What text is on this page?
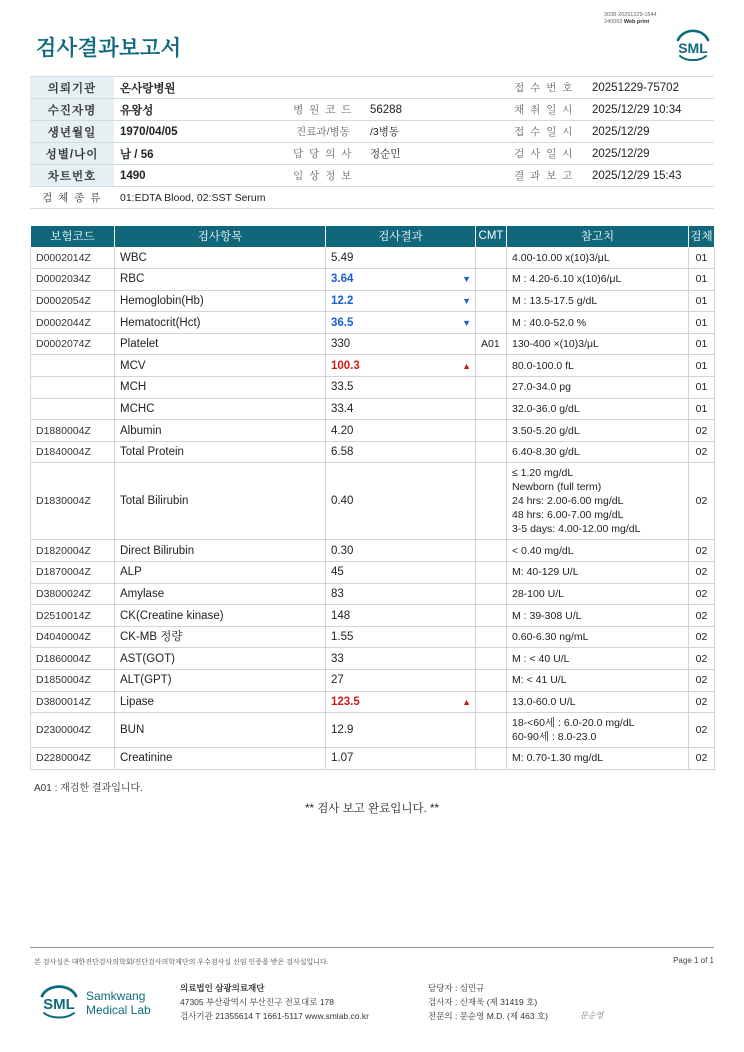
3038-20251229-1544
240053 Web print
검사결과보고서	SML
의뢰기관	온사랑병원			접 수 번 호	20251229-75702
수진자명	유왕성	병 원 코 드	56288	채 취 일 시	2025/12/29 10:34
생년월일	1970/04/05	진료과/병동	/3병동	접 수 일 시	2025/12/29
성별/나이	남 / 56	담 당 의 사	정순민	검 사 일 시	2025/12/29
차트번호	1490	임 상 정 보		결 과 보 고	2025/12/29 15:43
검 체 종 류	01:EDTA Blood, 02:SST Serum				
보험코드	검사항목	검사결과	CMT	참고치	검체
D0002014Z	WBC	5.49		4.00-10.00 x(10)3/μL	01
D0002034Z	RBC	3.64 ▼		M : 4.20-6.10 x(10)6/μL	01
D0002054Z	Hemoglobin(Hb)	12.2 ▼		M : 13.5-17.5 g/dL	01
D0002044Z	Hematocrit(Hct)	36.5 ▼		M : 40.0-52.0 %	01
D0002074Z	Platelet	330	A01	130-400 ×(10)3/μL	01
	MCV	100.3 ▲		80.0-100.0 fL	01
	MCH	33.5		27.0-34.0 pg	01
	MCHC	33.4		32.0-36.0 g/dL	01
D1880004Z	Albumin	4.20		3.50-5.20 g/dL	02
D1840004Z	Total Protein	6.58		6.40-8.30 g/dL	02
D1830004Z	Total Bilirubin	0.40		≤ 1.20 mg/dL
Newborn (full term)
24 hrs: 2.00-6.00 mg/dL
48 hrs: 6.00-7.00 mg/dL
3-5 days: 4.00-12.00 mg/dL	02
D1820004Z	Direct Bilirubin	0.30		< 0.40 mg/dL	02
D1870004Z	ALP	45		M: 40-129 U/L	02
D3800024Z	Amylase	83		28-100 U/L	02
D2510014Z	CK(Creatine kinase)	148		M : 39-308 U/L	02
D4040004Z	CK-MB 정량	1.55		0.60-6.30 ng/mL	02
D1860004Z	AST(GOT)	33		M : < 40 U/L	02
D1850004Z	ALT(GPT)	27		M: < 41 U/L	02
D3800014Z	Lipase	123.5 ▲		13.0-60.0 U/L	02
D2300004Z	BUN	12.9		18-<60세 : 6.0-20.0 mg/dL
60-90세 : 8.0-23.0	02
D2280004Z	Creatinine	1.07		M: 0.70-1.30 mg/dL	02
A01 : 재검한 결과입니다.
** 검사 보고 완료입니다. **
본 검사실은 대한진단검사의학회/진단검사의학재단의 우수검사실 신임 인증을 받은 검사실입니다.	Page 1 of 1
SML Samkwang
Medical Lab
의료법인 삼광의료재단
47305 부산광역시 부산진구 전포대로 178
검사기관 21355614 T 1661-5117 www.smlab.co.kr
담당자 : 심민규
검사자 : 신재욱 (제 31419 호)
전문의 : 문순영 M.D. (제 463 호)	문순영
